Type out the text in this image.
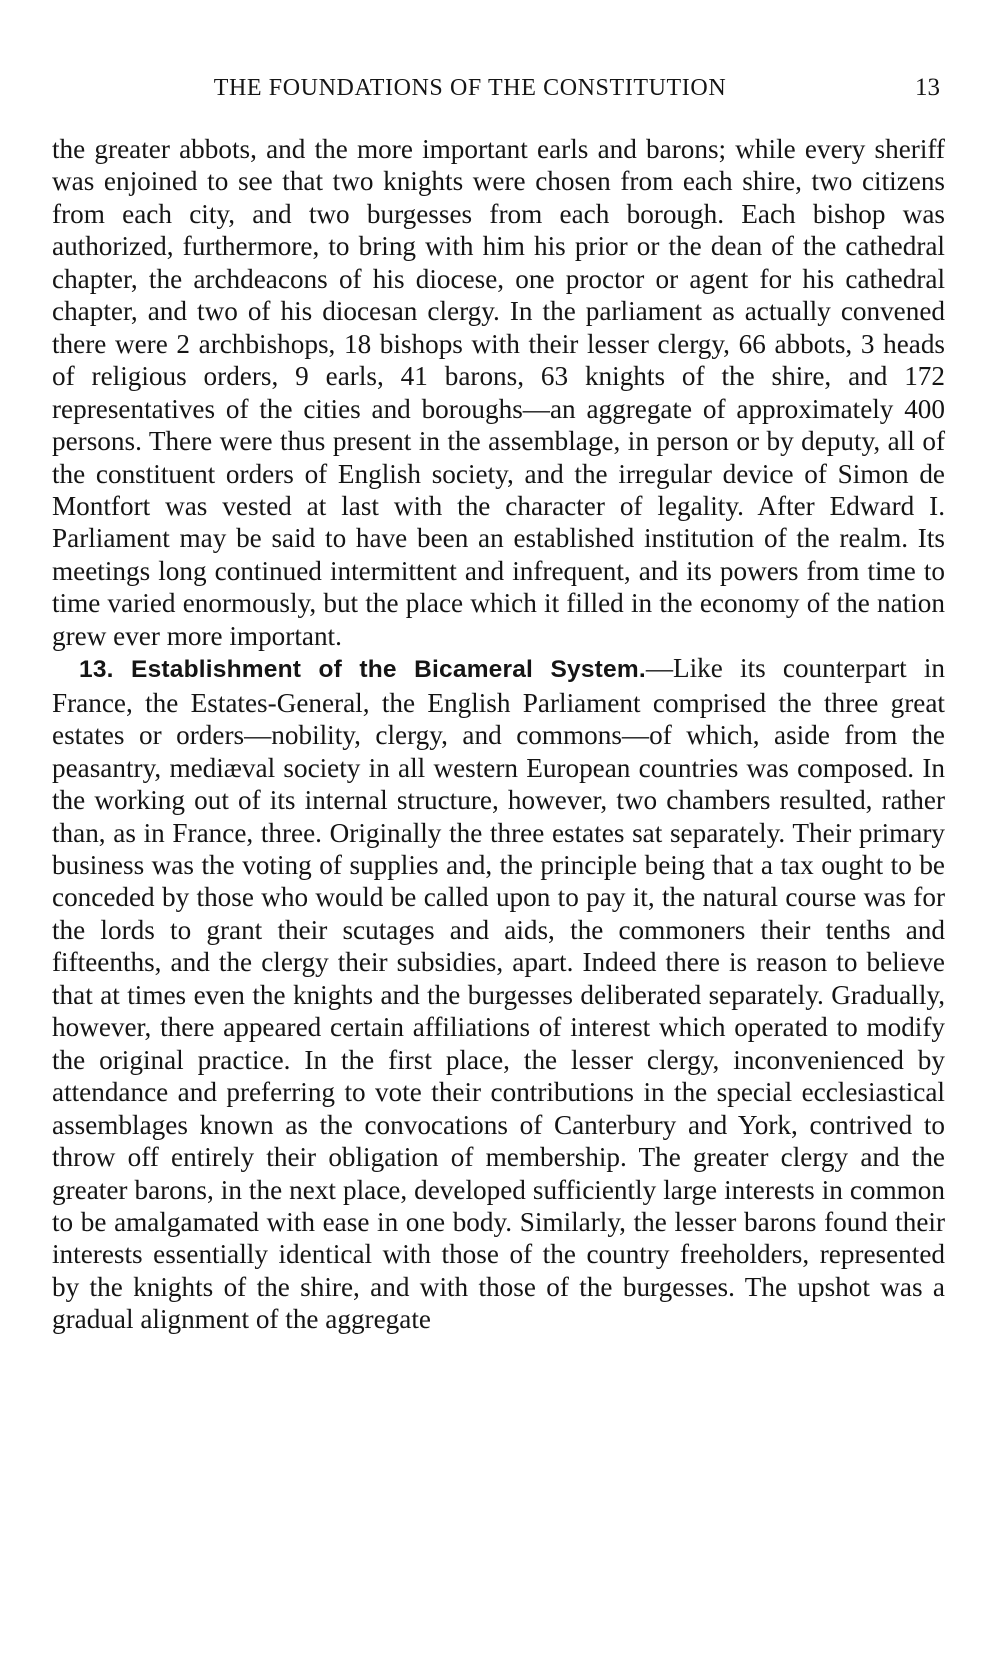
THE FOUNDATIONS OF THE CONSTITUTION	13

the greater abbots, and the more important earls and barons; while every sheriff was enjoined to see that two knights were chosen from each shire, two citizens from each city, and two burgesses from each borough. Each bishop was authorized, furthermore, to bring with him his prior or the dean of the cathedral chapter, the archdeacons of his diocese, one proctor or agent for his cathedral chapter, and two of his diocesan clergy. In the parliament as actually convened there were 2 archbishops, 18 bishops with their lesser clergy, 66 abbots, 3 heads of religious orders, 9 earls, 41 barons, 63 knights of the shire, and 172 representatives of the cities and boroughs—an aggregate of approximately 400 persons. There were thus present in the assemblage, in person or by deputy, all of the constituent orders of English society, and the irregular device of Simon de Montfort was vested at last with the character of legality. After Edward I. Parliament may be said to have been an established institution of the realm. Its meetings long continued intermittent and infrequent, and its powers from time to time varied enormously, but the place which it filled in the economy of the nation grew ever more important.

13. Establishment of the Bicameral System.—Like its counterpart in France, the Estates-General, the English Parliament comprised the three great estates or orders—nobility, clergy, and commons—of which, aside from the peasantry, mediæval society in all western European countries was composed. In the working out of its internal structure, however, two chambers resulted, rather than, as in France, three. Originally the three estates sat separately. Their primary business was the voting of supplies and, the principle being that a tax ought to be conceded by those who would be called upon to pay it, the natural course was for the lords to grant their scutages and aids, the commoners their tenths and fifteenths, and the clergy their subsidies, apart. Indeed there is reason to believe that at times even the knights and the burgesses deliberated separately. Gradually, however, there appeared certain affiliations of interest which operated to modify the original practice. In the first place, the lesser clergy, inconvenienced by attendance and preferring to vote their contributions in the special ecclesiastical assemblages known as the convocations of Canterbury and York, contrived to throw off entirely their obligation of membership. The greater clergy and the greater barons, in the next place, developed sufficiently large interests in common to be amalgamated with ease in one body. Similarly, the lesser barons found their interests essentially identical with those of the country freeholders, represented by the knights of the shire, and with those of the burgesses. The upshot was a gradual alignment of the aggregate
